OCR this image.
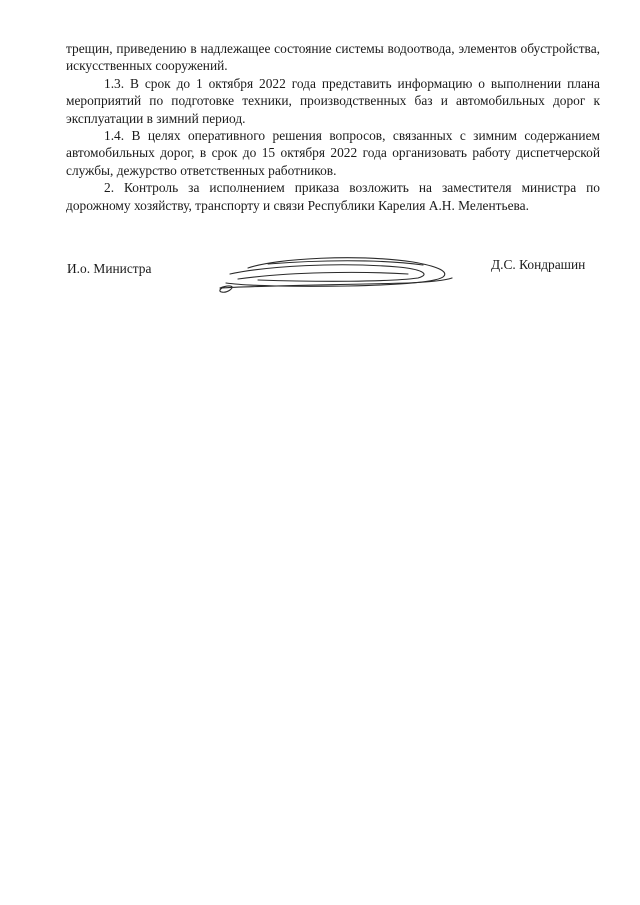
трещин, приведению в надлежащее состояние системы водоотвода, элементов обустройства, искусственных сооружений.

1.3. В срок до 1 октября 2022 года представить информацию о выполнении плана мероприятий по подготовке техники, производственных баз и автомобильных дорог к эксплуатации в зимний период.

1.4. В целях оперативного решения вопросов, связанных с зимним содержанием автомобильных дорог, в срок до 15 октября 2022 года организовать работу диспетчерской службы, дежурство ответственных работников.

2. Контроль за исполнением приказа возложить на заместителя министра по дорожному хозяйству, транспорту и связи Республики Карелия А.Н. Мелентьева.

И.о. Министра	Д.С. Кондрашин
